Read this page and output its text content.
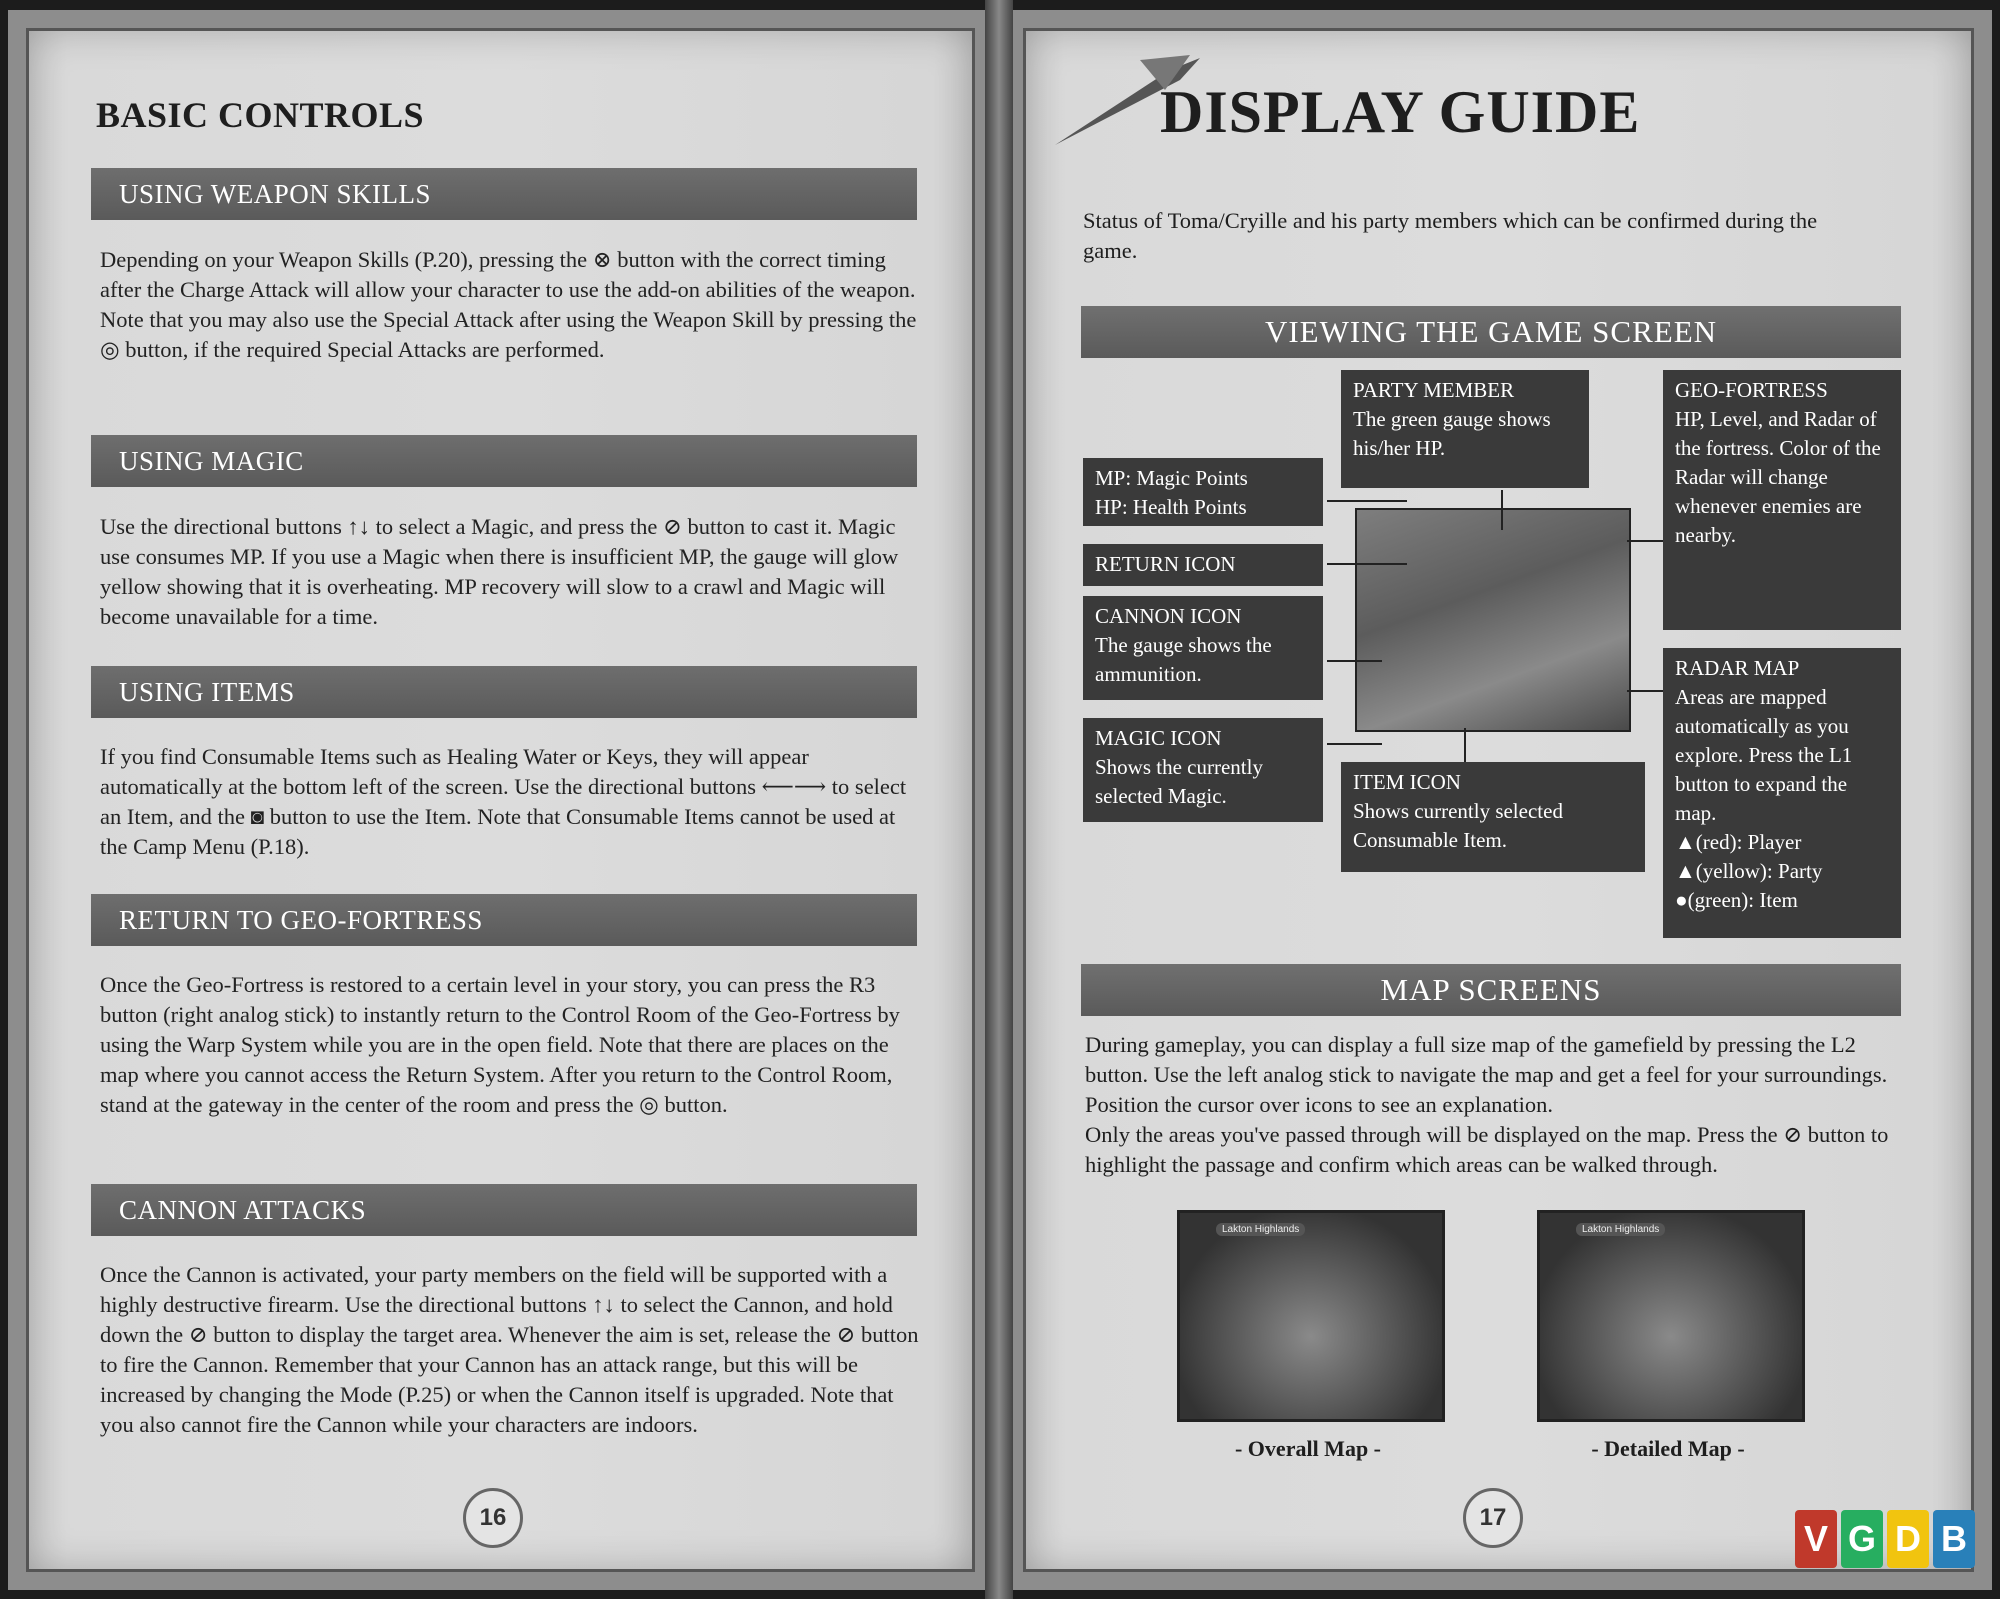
BASIC CONTROLS
USING WEAPON SKILLS
Depending on your Weapon Skills (P.20), pressing the ⊗ button with the correct timing after the Charge Attack will allow your character to use the add-on abilities of the weapon. Note that you may also use the Special Attack after using the Weapon Skill by pressing the ◎ button, if the required Special Attacks are performed.
USING MAGIC
Use the directional buttons ↑↓ to select a Magic, and press the ⊘ button to cast it. Magic use consumes MP. If you use a Magic when there is insufficient MP, the gauge will glow yellow showing that it is overheating. MP recovery will slow to a crawl and Magic will become unavailable for a time.
USING ITEMS
If you find Consumable Items such as Healing Water or Keys, they will appear automatically at the bottom left of the screen. Use the directional buttons ⟵⟶ to select an Item, and the ◙ button to use the Item. Note that Consumable Items cannot be used at the Camp Menu (P.18).
RETURN TO GEO-FORTRESS
Once the Geo-Fortress is restored to a certain level in your story, you can press the R3 button (right analog stick) to instantly return to the Control Room of the Geo-Fortress by using the Warp System while you are in the open field. Note that there are places on the map where you cannot access the Return System. After you return to the Control Room, stand at the gateway in the center of the room and press the ◎ button.
CANNON ATTACKS
Once the Cannon is activated, your party members on the field will be supported with a highly destructive firearm. Use the directional buttons ↑↓ to select the Cannon, and hold down the ⊘ button to display the target area. Whenever the aim is set, release the ⊘ button to fire the Cannon. Remember that your Cannon has an attack range, but this will be increased by changing the Mode (P.25) or when the Cannon itself is upgraded. Note that you also cannot fire the Cannon while your characters are indoors.
16
DISPLAY GUIDE
Status of Toma/Cryille and his party members which can be confirmed during the game.
VIEWING THE GAME SCREEN
MP: Magic Points
HP: Health Points
RETURN ICON
CANNON ICON
The gauge shows the ammunition.
MAGIC ICON
Shows the currently selected Magic.
PARTY MEMBER
The green gauge shows his/her HP.
ITEM ICON
Shows currently selected Consumable Item.
GEO-FORTRESS
HP, Level, and Radar of the fortress. Color of the Radar will change whenever enemies are nearby.
RADAR MAP
Areas are mapped automatically as you explore. Press the L1 button to expand the map.
▲(red): Player
▲(yellow): Party
●(green): Item
MAP SCREENS
During gameplay, you can display a full size map of the gamefield by pressing the L2 button. Use the left analog stick to navigate the map and get a feel for your surroundings. Position the cursor over icons to see an explanation.
Only the areas you've passed through will be displayed on the map. Press the ⊘ button to highlight the passage and confirm which areas can be walked through.
Lakton Highlands
- Overall Map -
Lakton Highlands
- Detailed Map -
17
V G D B
